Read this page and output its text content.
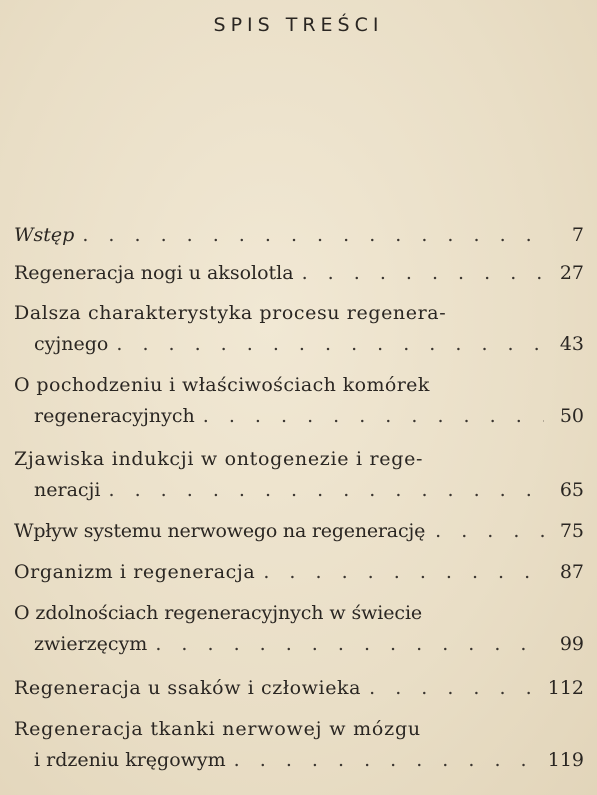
SPIS TREŚCI
Wstęp . . .	7
Regeneracja nogi u aksolotla . . .	27
Dalsza charakterystyka procesu regenera-
cyjnego . . .	43
O pochodzeniu i właściwościach komórek
regeneracyjnych . . .	50
Zjawiska indukcji w ontogenezie i rege-
neracji . . .	65
Wpływ systemu nerwowego na regenerację . . .	75
Organizm i regeneracja . . .	87
O zdolnościach regeneracyjnych w świecie
zwierzęcym . . .	99
Regeneracja u ssaków i człowieka . . .	112
Regeneracja tkanki nerwowej w mózgu
i rdzeniu kręgowym . . .	119
